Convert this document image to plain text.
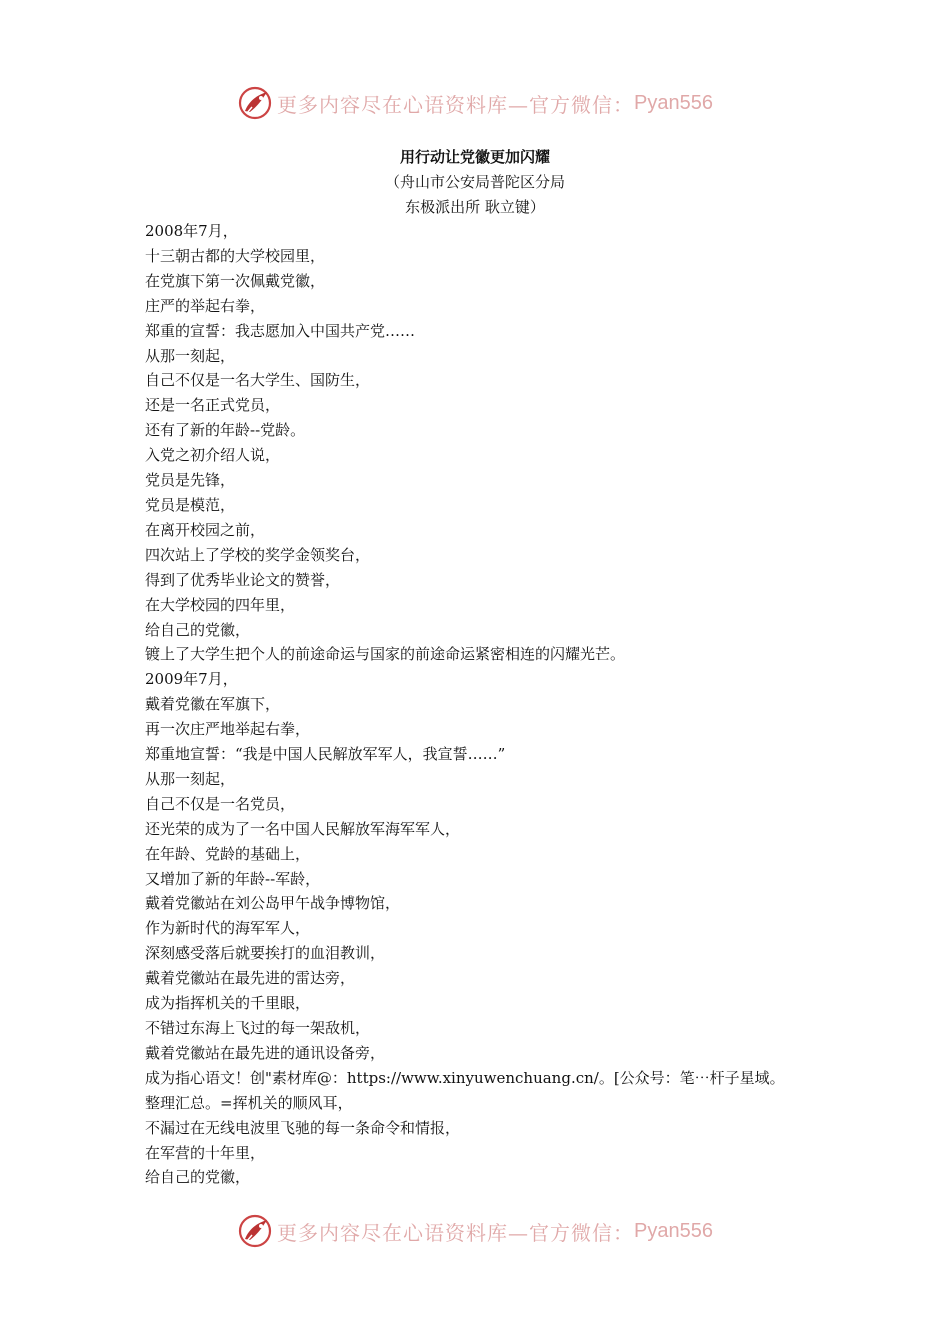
更多内容尽在心语资料库—官方微信： Pyan556
用行动让党徽更加闪耀
（舟山市公安局普陀区分局
东极派出所 耿立键）
2008年7月，
十三朝古都的大学校园里，
在党旗下第一次佩戴党徽，
庄严的举起右拳，
郑重的宣誓：我志愿加入中国共产党……
从那一刻起，
自己不仅是一名大学生、国防生，
还是一名正式党员，
还有了新的年龄--党龄。
入党之初介绍人说，
党员是先锋，
党员是模范，
在离开校园之前，
四次站上了学校的奖学金领奖台，
得到了优秀毕业论文的赞誉，
在大学校园的四年里，
给自己的党徽，
镀上了大学生把个人的前途命运与国家的前途命运紧密相连的闪耀光芒。
2009年7月，
戴着党徽在军旗下，
再一次庄严地举起右拳，
郑重地宣誓：“我是中国人民解放军军人，我宣誓……”
从那一刻起，
自己不仅是一名党员，
还光荣的成为了一名中国人民解放军海军军人，
在年龄、党龄的基础上，
又增加了新的年龄--军龄，
戴着党徽站在刘公岛甲午战争博物馆，
作为新时代的海军军人，
深刻感受落后就要挨打的血泪教训，
戴着党徽站在最先进的雷达旁，
成为指挥机关的千里眼，
不错过东海上飞过的每一架敌机，
戴着党徽站在最先进的通讯设备旁，
成为指心语文！创"素材库@：https://www.xinyuwenchuang.cn/。[公众号：笔⋯杆子星域。
整理汇总。=挥机关的顺风耳，
不漏过在无线电波里飞驰的每一条命令和情报，
在军营的十年里，
给自己的党徽，
更多内容尽在心语资料库—官方微信： Pyan556
